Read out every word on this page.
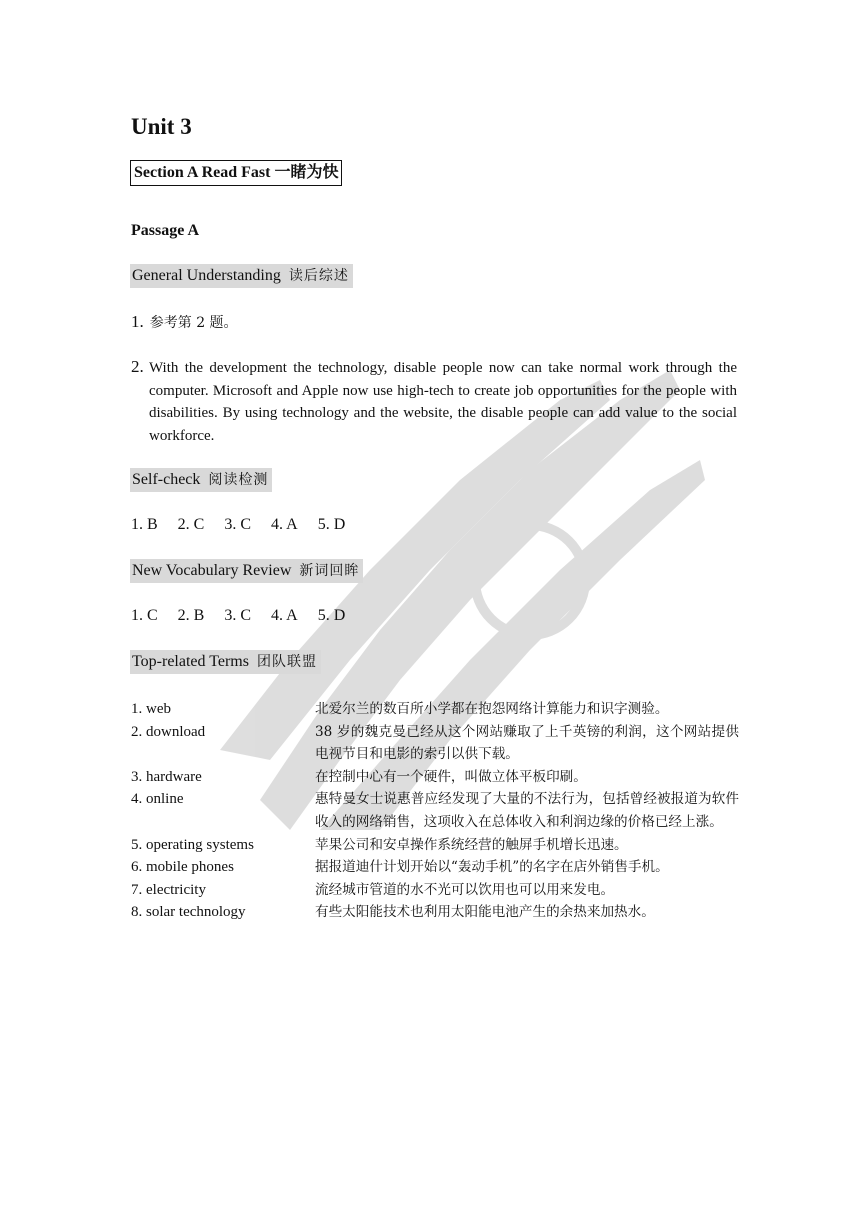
Unit 3
Section A Read Fast 一睹为快
Passage A
General Understanding 读后综述
1. 参考第 2 题。
2. With the development the technology, disable people now can take normal work through the computer. Microsoft and Apple now use high-tech to create job opportunities for the people with disabilities. By using technology and the website, the disable people can add value to the social workforce.
Self-check 阅读检测
1. B 2. C 3. C 4. A 5. D
New Vocabulary Review 新词回眸
1. C 2. B 3. C 4. A 5. D
Top-related Terms 团队联盟
1. web	北爱尔兰的数百所小学都在抱怨网络计算能力和识字测验。
2. download	38 岁的魏克曼已经从这个网站赚取了上千英镑的利润，这个网站提供电视节目和电影的索引以供下载。
3. hardware	在控制中心有一个硬件，叫做立体平板印刷。
4. online	惠特曼女士说惠普应经发现了大量的不法行为，包括曾经被报道为软件收入的网络销售，这项收入在总体收入和利润边缘的价格已经上涨。
5. operating systems	苹果公司和安卓操作系统经营的触屏手机增长迅速。
6. mobile phones	据报道迪什计划开始以“轰动手机”的名字在店外销售手机。
7. electricity	流经城市管道的水不光可以饮用也可以用来发电。
8. solar technology	有些太阳能技术也利用太阳能电池产生的余热来加热水。
